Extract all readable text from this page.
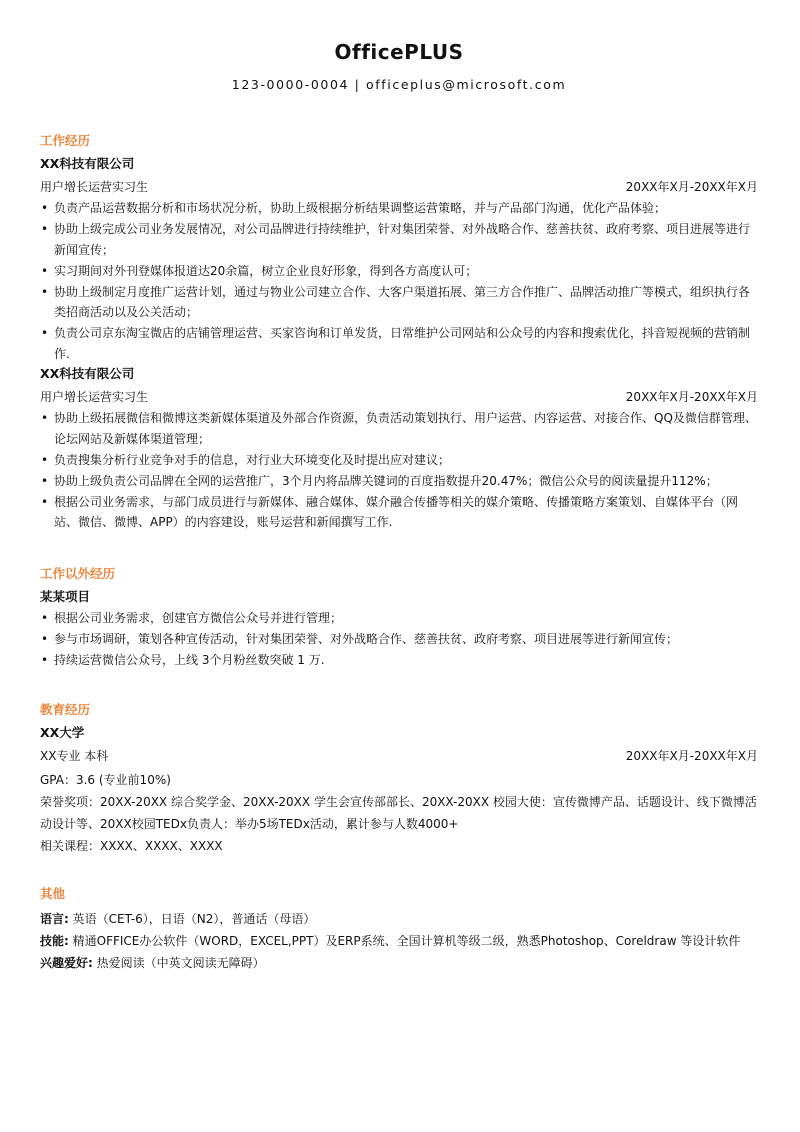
OfficePLUS
123-0000-0004 | officeplus@microsoft.com
工作经历
XX科技有限公司
用户增长运营实习生	20XX年X月-20XX年X月
• 负责产品运营数据分析和市场状况分析，协助上级根据分析结果调整运营策略，并与产品部门沟通，优化产品体验；
• 协助上级完成公司业务发展情况，对公司品牌进行持续维护，针对集团荣誉、对外战略合作、慈善扶贫、政府考察、项目进展等进行新闻宣传；
• 实习期间对外刊登媒体报道达20余篇，树立企业良好形象，得到各方高度认可；
• 协助上级制定月度推广运营计划，通过与物业公司建立合作、大客户渠道拓展、第三方合作推广、品牌活动推广等模式，组织执行各类招商活动以及公关活动；
• 负责公司京东淘宝微店的店铺管理运营、买家咨询和订单发货，日常维护公司网站和公众号的内容和搜索优化，抖音短视频的营销制作.
XX科技有限公司
用户增长运营实习生	20XX年X月-20XX年X月
• 协助上级拓展微信和微博这类新媒体渠道及外部合作资源，负责活动策划执行、用户运营、内容运营、对接合作、QQ及微信群管理、论坛网站及新媒体渠道管理；
• 负责搜集分析行业竞争对手的信息，对行业大环境变化及时提出应对建议；
• 协助上级负责公司品牌在全网的运营推广，3个月内将品牌关键词的百度指数提升20.47%；微信公众号的阅读量提升112%；
• 根据公司业务需求，与部门成员进行与新媒体、融合媒体、媒介融合传播等相关的媒介策略、传播策略方案策划、自媒体平台（网站、微信、微博、APP）的内容建设，账号运营和新闻撰写工作.
工作以外经历
某某项目
• 根据公司业务需求，创建官方微信公众号并进行管理；
• 参与市场调研，策划各种宣传活动，针对集团荣誉、对外战略合作、慈善扶贫、政府考察、项目进展等进行新闻宣传；
• 持续运营微信公众号，上线 3个月粉丝数突破 1 万.
教育经历
XX大学
XX专业 本科	20XX年X月-20XX年X月
GPA：3.6 (专业前10%)
荣誉奖项：20XX-20XX 综合奖学金、20XX-20XX 学生会宣传部部长、20XX-20XX 校园大使：宣传微博产品、话题设计、线下微博活动设计等、20XX校园TEDx负责人：举办5场TEDx活动，累计参与人数4000+
相关课程：XXXX、XXXX、XXXX
其他
语言: 英语（CET-6），日语（N2），普通话（母语）
技能: 精通OFFICE办公软件（WORD，EXCEL,PPT）及ERP系统、全国计算机等级二级，熟悉Photoshop、Coreldraw 等设计软件
兴趣爱好: 热爱阅读（中英文阅读无障碍）
